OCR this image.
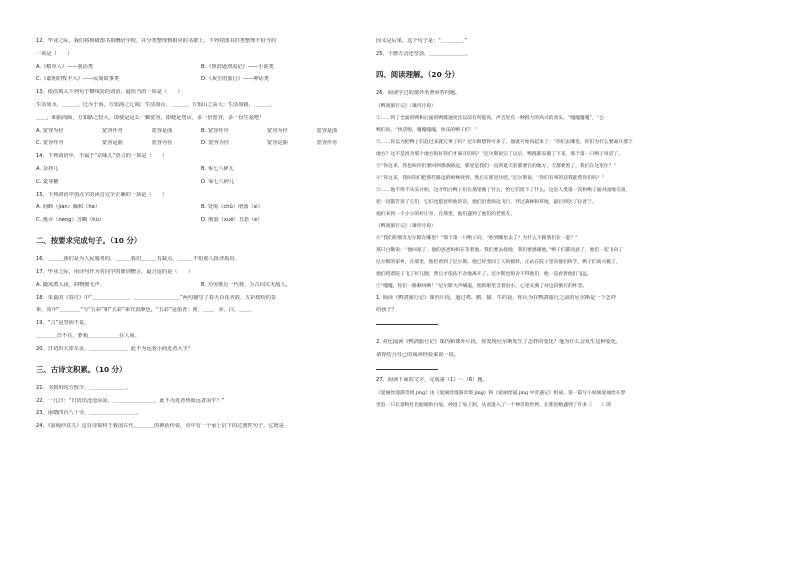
12、毕业之际，我们将班级图书捐赠给学校，并分类整理到相应的书架上，下列对图书归类整理不恰当的
一项是（　　）
A.《稻草人》——童话类	B.《鲁滨逊漂流记》——小说类
C.《聪明的牧羊人》——民间故事类	D.《灰尘的旅行》——神话类
13、依次填入下列句子横线处的词语，最恰当的一项是（　　）
生活如水，＿＿＿，迂为于海，方知海之辽阔；生活如山，＿＿＿，方知山之高大；生活如路，＿＿＿，
＿＿，和曲而障，方知路之较大。即使是这么一颗宽容，即便是登山，多一份宽容，多一份生爱吧！
A. 宽容为径	宽容作舟	宽容是曲	B. 宽容作舟	宽容为径	宽容是曲
C. 宽容作舟	宽容是曲	宽容为径	D. 宽容为径	宽容是曲	宽容作舟
14、下列词语中，不属于“京味儿”语言的一项是（　　）
A. 杂拌儿	B. 零七八碎儿
C. 麦芽糖	D. 零七八碎儿
15、下列词语中加点字的读音完全正确的一项是（　　）
A. 间断（jiàn）躁和（hé）	B. 处境（chǔ）滑落（sì）
C. 挑弄（nèng）含糊（hú）	D. 削弱（xuē）丑恶（è）
二、按要求完成句子。（10 分）
16、＿＿＿我们是为人民服务的，＿＿＿我们＿＿＿有缺点，＿＿＿不怕别人批评指出。
17、毕业之际，用诗句作为对同学的离别赠言，最合适的是（　　）
A. 随风潜入夜，润物细无声。	B. 功劳胜厉一代将，万古同关无敌人。
18、朱嘉的《春日》中“＿＿＿＿＿＿＿，＿＿＿＿＿＿＿＿＿”两句描写了春天百花齐放、五彩缤纷的景
象，其中“＿＿＿＿”与“五彩”和“五彩”来代表颜色，“五彩”是指青：黄、＿＿、赤、白、＿＿。
19、“言”是坚而不复。
＿＿＿＿洋不住，萝箱＿＿＿＿＿＿在人间。
20、日切出大如车盖，＿＿＿＿＿＿＿，此不为远者小而近者大乎？
三、古诗文积累。（10 分）
21、书到用时方恨少，＿＿＿＿＿＿＿。
22、一儿曰：“日切出沧沧凉凉，＿＿＿＿＿＿＿＿，此不为近者热而远者凉乎？”
23、南朝四百八十寺，＿＿＿＿＿＿＿＿＿。
24、《浪淘沙其九》这首诗取材于我国古代＿＿＿＿的神话传说，诗中有一个承上启下的过渡性句子，它既是
因又是后果，这个句子是：“＿＿＿＿。”
25、千磨万击还坚劲，＿＿＿＿＿＿＿。
四、阅读理解。（20 分）
26、阅读学过的课外名著回答问题。
《鸭鸽旅行记》（课内片段）
①……到了全面的鸭和后面的鸭群速度比以前有所提高，声音里有一种很大的高兴的劲头，“嘎嘎嘎嘎”，“公
鸭们说，“快活啦，嘎嘎嘎嘎，快乐的鸭子们！”
②……你以为把鸭子们赶过来就完事了吗？尼尔斯想得可多了。他就开始问起来了：“你们去哪里，你们为什么要离开那个
地方？这不是因为那个地方很好你们才离开的吗？”尼尔斯说完了以后，鸭群都安静了下来，那个第一只鸭子说话了。
③“你这来，我也叫你们要回到那条路边，那里是我们一直到夏天前都要在的地方，天都要黑了，我们在这里住？”
④“你这来，我叫你们把那些路边的树林找到，然后在那里住吧。”尼尔斯说，“你们有事的话我能帮你们吗？”
⑤……他不得不从头开始，这才明白鸭子们在那里做了什么，给它们留下了什么。这是人类第一次和鸭子面对面地交谈，
把一切都告诉了它们，它们也愿意听他的话。他们沿着海边飞行，穿过森林和草地，最后到达了拉普兰。
他们来到一个小小的村庄旁，在那里，他们遇到了他们的老朋友。
《鸭鸽旅行记》（课外片段）
⑥“我们的朋友尼尔斯在哪里？”那个第一只鸭子问，“他到哪里去了？为什么不跟我们在一起？”
那只白鹅说：“他回家了，他的爸爸妈妈在等着他。我们要去找他，我们要感谢他。”鸭子们都同意了，他们一起飞向了
尼尔斯的家乡，在那里，他们看到了尼尔斯，他已经变回了人的模样，正站在院子里向他们挥手。鸭子们高兴极了，
他们绕着院子飞了好几圈，然后才依依不舍地离开了。尼尔斯也很舍不得他们，他一直看着他们飞远。
⑦“嘎嘎，你们一路顺风啊！”尼尔斯大声喊道，他的眼里含着泪水，心里充满了对这段旅行的怀念。
1. 阅读《鸭鸽旅行记》课内片段，通过鸡、鹅、猫、牛的话，你认为在鸭鸽旅行之前的尼尔斯是一个怎样
的孩子？
2. 对比阅读《鸭鸽旅行记》课内和课外片段，你发现尼尔斯发生了怎样的变化？他为什么会发生这种变化，
请你结合自己的阅读经验来说一说。
27、阅读下面的文字，完成第（1）～（6）题。
《爱丽丝漫游奇境 jìng》由《爱丽丝漫游奇境 jìng》和《爱丽丝镜 jìng 中奇遇记》组成。第一篇写小姑娘爱丽丝在梦
里追一只长着粉红色眼睛的白兔，掉进了兔子洞，从而进入了一个神奇的世界，在那里她遇到了许多（　　）的
